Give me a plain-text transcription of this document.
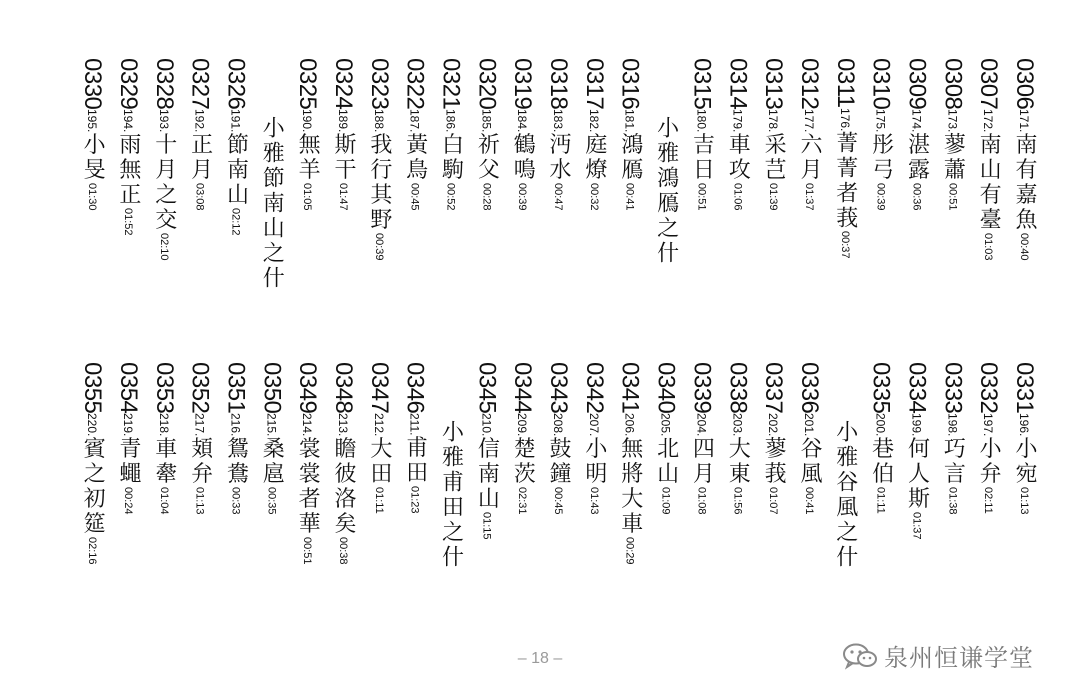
0306171.南有嘉魚00:40
0307172.南山有臺01:03
0308173.蓼蕭00:51
0309174.湛露00:36
0310175.彤弓00:39
0311176.菁菁者莪00:37
0312177.六月01:37
0313178.采芑01:39
0314179.車攻01:06
0315180.吉日00:51
小雅鴻鴈之什
0316181.鴻鴈00:41
0317182.庭燎00:32
0318183.沔水00:47
0319184.鶴鳴00:39
0320185.祈父00:28
0321186.白駒00:52
0322187.黃鳥00:45
0323188.我行其野00:39
0324189.斯干01:47
0325190.無羊01:05
小雅節南山之什
0326191.節南山02:12
0327192.正月03:08
0328193.十月之交02:10
0329194.雨無正01:52
0330195.小旻01:30
0331196.小宛01:13
0332197.小弁02:11
0333198.巧言01:38
0334199.何人斯01:37
0335200.巷伯01:11
小雅谷風之什
0336201.谷風00:41
0337202.蓼莪01:07
0338203.大東01:56
0339204.四月01:08
0340205.北山01:09
0341206.無將大車00:29
0342207.小明01:43
0343208.鼓鐘00:45
0344209.楚茨02:31
0345210.信南山01:15
小雅甫田之什
0346211.甫田01:23
0347212.大田01:11
0348213.瞻彼洛矣00:38
0349214.裳裳者華00:51
0350215.桑扈00:35
0351216.鴛鴦00:33
0352217.頍弁01:13
0353218.車舝01:04
0354219.青蠅00:24
0355220.賓之初筵02:16
– 18 –	泉州恒谦学堂
